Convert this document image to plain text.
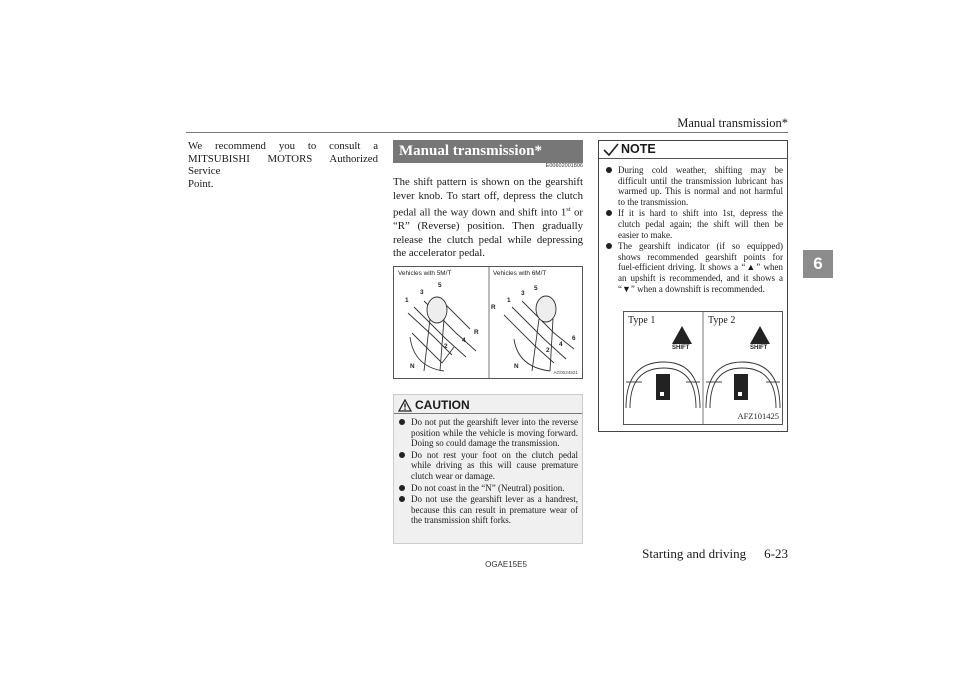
Manual transmission*
6
We recommend you to consult a MITSUBISHI MOTORS Authorized Service
Point.
Manual transmission*
E00602001806
The shift pattern is shown on the gearshift lever knob. To start off, depress the clutch pedal all the way down and shift into 1st or “R” (Reverse) position. Then gradually release the clutch pedal while depressing the accelerator pedal.
Vehicles with 5M/T	Vehicles with 6M/T
1
3
5
R
2
4
N
R
1
3
5
2
4
6
N
AG0024521
CAUTION
Do not put the gearshift lever into the reverse position while the vehicle is moving forward. Doing so could damage the transmission.
Do not rest your foot on the clutch pedal while driving as this will cause premature clutch wear or damage.
Do not coast in the “N” (Neutral) position.
Do not use the gearshift lever as a handrest, because this can result in premature wear of the transmission shift forks.
NOTE
During cold weather, shifting may be difficult until the transmission lubricant has warmed up. This is normal and not harmful to the transmission.
If it is hard to shift into 1st, depress the clutch pedal again; the shift will then be easier to make.
The gearshift indicator (if so equipped) shows recommended gearshift points for fuel-efficient driving. It shows a “▲” when an upshift is recommended, and it shows a “▼” when a downshift is recommended.
Type 1	Type 2
SHIFT	SHIFT
AFZ101425
OGAE15E5
Starting and driving 6-23
